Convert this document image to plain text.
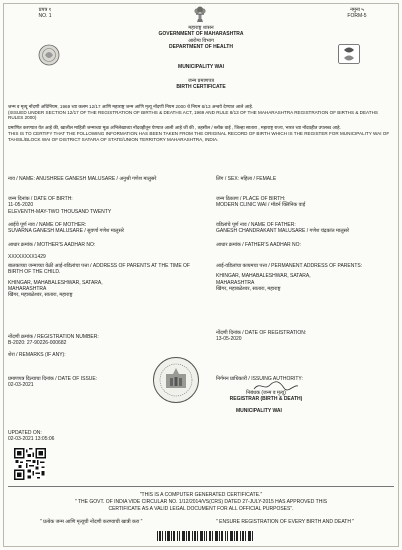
प्रपत्र १
NO. 1
महाराष्ट्र शासन
GOVERNMENT OF MAHARASHTRA
आरोग्य विभाग
DEPARTMENT OF HEALTH
MUNICIPALITY WAI
जन्म प्रमाणपत्र
BIRTH CERTIFICATE
नमुना ५
FORM-5
जन्म व मृत्यू नोंदणी अधिनियम, 1969 च्या कलम 12/17 आणि महाराष्ट्र जन्म आणि मृत्यू नोंदणी नियम 2000 चे नियम 8/13 अन्वये देण्यात आले आहे.
(ISSUED UNDER SECTION 12/17 OF THE REGISTRATION OF BIRTHS & DEATHS ACT, 1969 AND RULE 8/13 OF THE MAHARASHTRA REGISTRATION OF BIRTHS & DEATHS RULES 2000)
प्रमाणित करण्यात येत आहे की, खालील माहिती जन्माच्या मूळ अभिलेखाच्या नोंदवहीतून घेण्यात आली आहे जी की , तहसील / ब्लॉक वाई , जिल्हा सातारा , महाराष्ट्र राज्य, भारत च्या नोंदवहीत उपलब्ध आहे.
THIS IS TO CERTIFY THAT THE FOLLOWING INFORMATION HAS BEEN TAKEN FROM THE ORIGINAL RECORD OF BIRTH WHICH IS THE REGISTER FOR MUNICIPALITY WAI OF TAHSIL/BLOCK WAI OF DISTRICT SATARA OF STATE/UNION TERRITORY MAHARASHTRA, INDIA.
नाव / NAME: ANUSHREE GANESH MALUSARE / अनुश्री गणेश मालुसरे	लिंग / SEX: महिला / FEMALE
जन्म दिनांक / DATE OF BIRTH:
11-05-2020
ELEVENTH-MAY-TWO THOUSAND TWENTY
जन्म ठिकाण / PLACE OF BIRTH:
MODERN CLINIC WAI / मॉडर्न क्लिनिक वाई
आईचे पूर्ण नाव / NAME OF MOTHER:
SUVARNA GANESH MALUSARE / सुवर्णा गणेश मालुसरे
वडिलांचे पूर्ण नाव / NAME OF FATHER:
GANESH CHANDRAKANT MALUSARE / गणेश चंद्रकांत मालुसरे
आधार क्रमांक / MOTHER'S AADHAR NO:	आधार क्रमांक / FATHER'S AADHAR NO:
XXXXXXXX1429
बालकाच्या जन्माच्या वेळी आई-वडिलांचा पत्ता / ADDRESS OF PARENTS AT THE TIME OF BIRTH OF THE CHILD.
KHINGAR, MAHABALESHWAR, SATARA, MAHARASHTRA
खिंगर, महाबळेश्वर, सातारा, महाराष्ट्र
आई-वडिलांचा कायमचा पत्ता / PERMANENT ADDRESS OF PARENTS:
KHINGAR, MAHABALESHWAR, SATARA, MAHARASHTRA
खिंगर, महाबळेश्वर, सातारा, महाराष्ट्र
नोंदणी क्रमांक / REGISTRATION NUMBER:
B-2020: 27-90226-000682
नोंदणी दिनांक / DATE OF REGISTRATION:
13-05-2020
शेरा / REMARKS (IF ANY):
प्रमाणपत्र दिल्याचा दिनांक / DATE OF ISSUE:
02-03-2021
निर्गमन प्राधिकारी / ISSUING AUTHORITY:
निबंधक (जन्म व मृत्यू)
REGISTRAR (BIRTH & DEATH)
MUNICIPALITY WAI
UPDATED ON:
02-03-2021 13:05:06
"THIS IS A COMPUTER GENERATED CERTIFICATE."
" THE GOVT. OF INDIA VIDE CIRCULAR NO. 1/12/2014/VS(CRS) DATED 27-JULY-2015 HAS APPROVED THIS CERTIFICATE AS A VALID LEGAL DOCUMENT FOR ALL OFFICIAL PURPOSES".
" प्रत्येक जन्म आणि मृत्यूची नोंदणी करण्याची खात्री करा "	" ENSURE REGISTRATION OF EVERY BIRTH AND DEATH "
